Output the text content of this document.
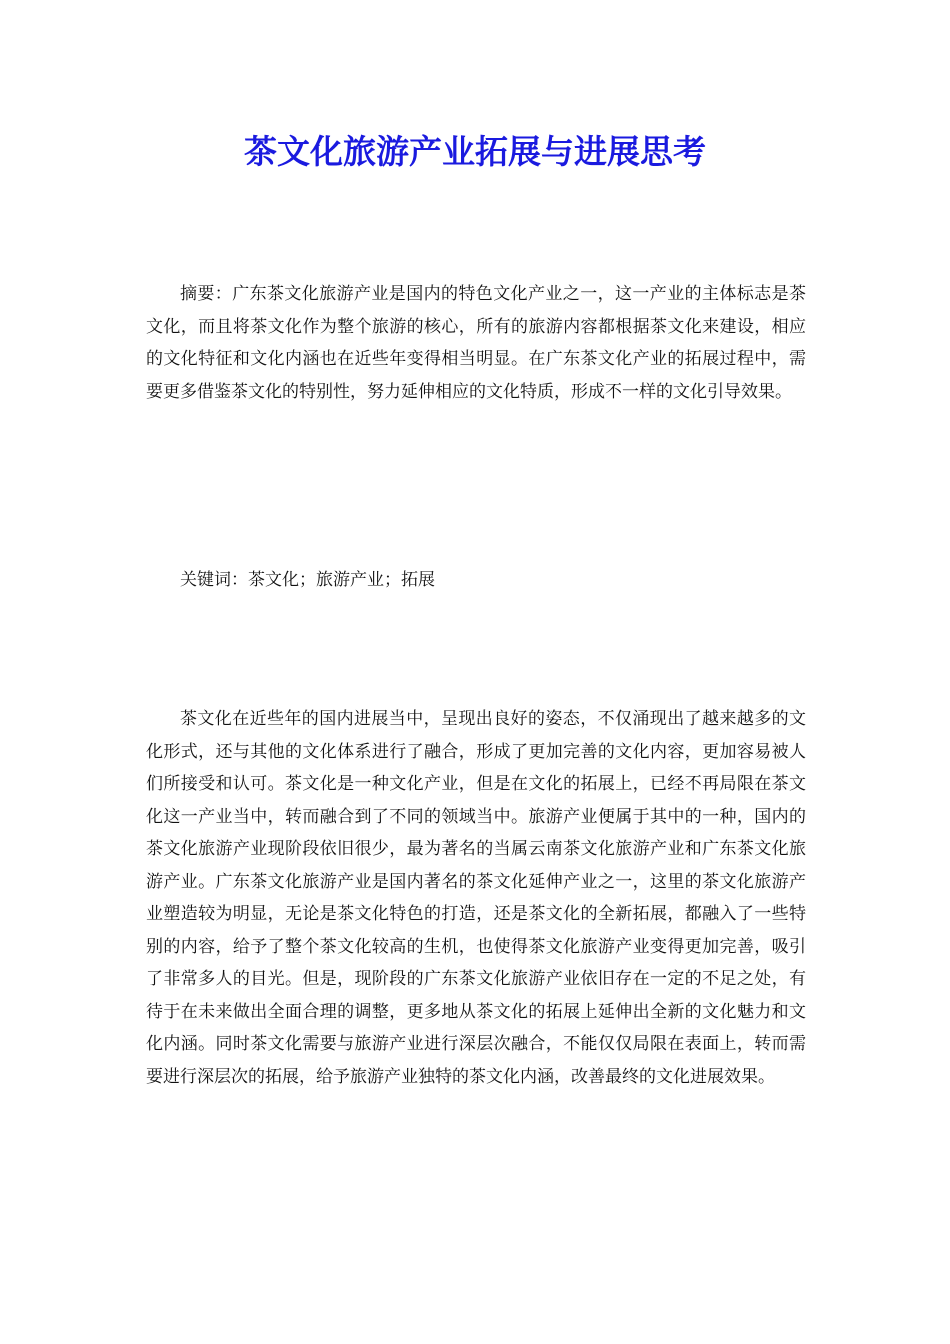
茶文化旅游产业拓展与进展思考

摘要：广东茶文化旅游产业是国内的特色文化产业之一，这一产业的主体标志是茶文化，而且将茶文化作为整个旅游的核心，所有的旅游内容都根据茶文化来建设，相应的文化特征和文化内涵也在近些年变得相当明显。在广东茶文化产业的拓展过程中，需要更多借鉴茶文化的特别性，努力延伸相应的文化特质，形成不一样的文化引导效果。

关键词：茶文化；旅游产业；拓展

茶文化在近些年的国内进展当中，呈现出良好的姿态，不仅涌现出了越来越多的文化形式，还与其他的文化体系进行了融合，形成了更加完善的文化内容，更加容易被人们所接受和认可。茶文化是一种文化产业，但是在文化的拓展上，已经不再局限在茶文化这一产业当中，转而融合到了不同的领域当中。旅游产业便属于其中的一种，国内的茶文化旅游产业现阶段依旧很少，最为著名的当属云南茶文化旅游产业和广东茶文化旅游产业。广东茶文化旅游产业是国内著名的茶文化延伸产业之一，这里的茶文化旅游产业塑造较为明显，无论是茶文化特色的打造，还是茶文化的全新拓展，都融入了一些特别的内容，给予了整个茶文化较高的生机，也使得茶文化旅游产业变得更加完善，吸引了非常多人的目光。但是，现阶段的广东茶文化旅游产业依旧存在一定的不足之处，有待于在未来做出全面合理的调整，更多地从茶文化的拓展上延伸出全新的文化魅力和文化内涵。同时茶文化需要与旅游产业进行深层次融合，不能仅仅局限在表面上，转而需要进行深层次的拓展，给予旅游产业独特的茶文化内涵，改善最终的文化进展效果。
